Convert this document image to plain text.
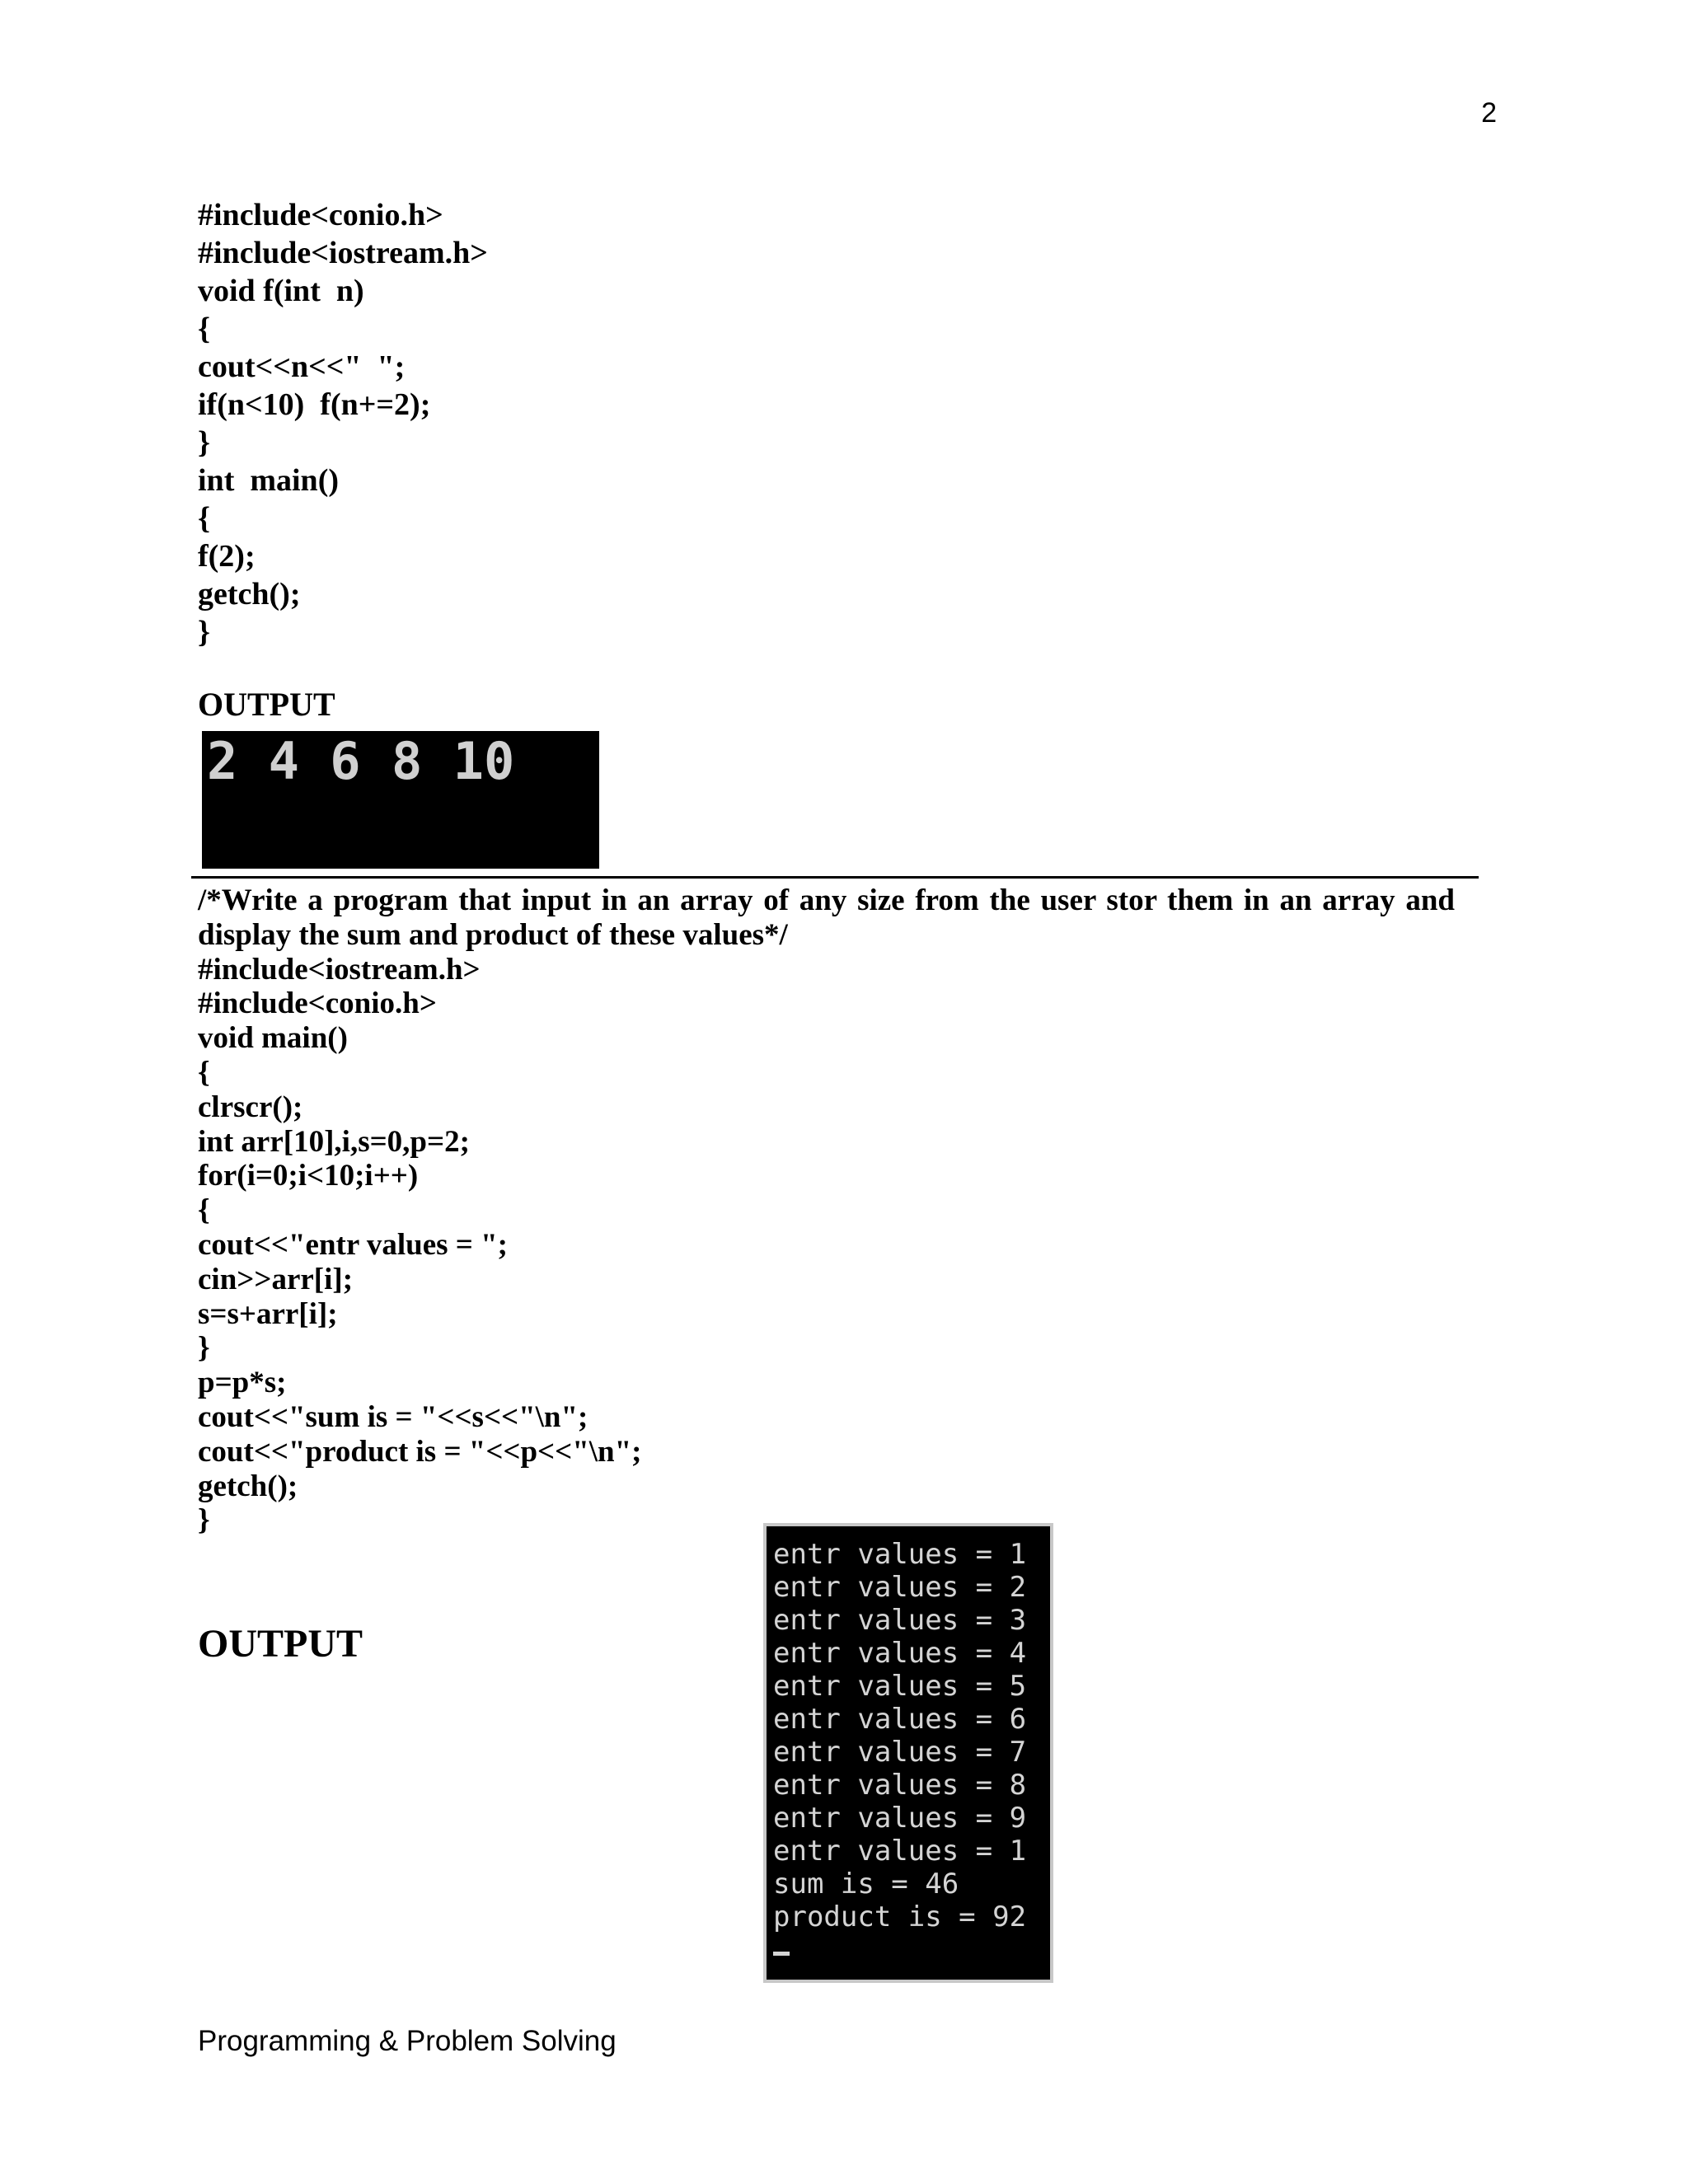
2
#include<conio.h>
#include<iostream.h>
void f(int  n)
{
cout<<n<<"  ";
if(n<10)  f(n+=2);
}
int  main()
{
f(2);
getch();
}
OUTPUT
2 4 6 8 10
/*Write a program that input in an array of any size from the user stor them in an array and display the sum and product of these values*/
#include<iostream.h>
#include<conio.h>
void main()
{
clrscr();
int arr[10],i,s=0,p=2;
for(i=0;i<10;i++)
{
cout<<"entr values = ";
cin>>arr[i];
s=s+arr[i];
}
p=p*s;
cout<<"sum is = "<<s<<"\n";
cout<<"product is = "<<p<<"\n";
getch();
}
OUTPUT
entr values = 1
entr values = 2
entr values = 3
entr values = 4
entr values = 5
entr values = 6
entr values = 7
entr values = 8
entr values = 9
entr values = 1
sum is = 46
product is = 92
Programming & Problem Solving
